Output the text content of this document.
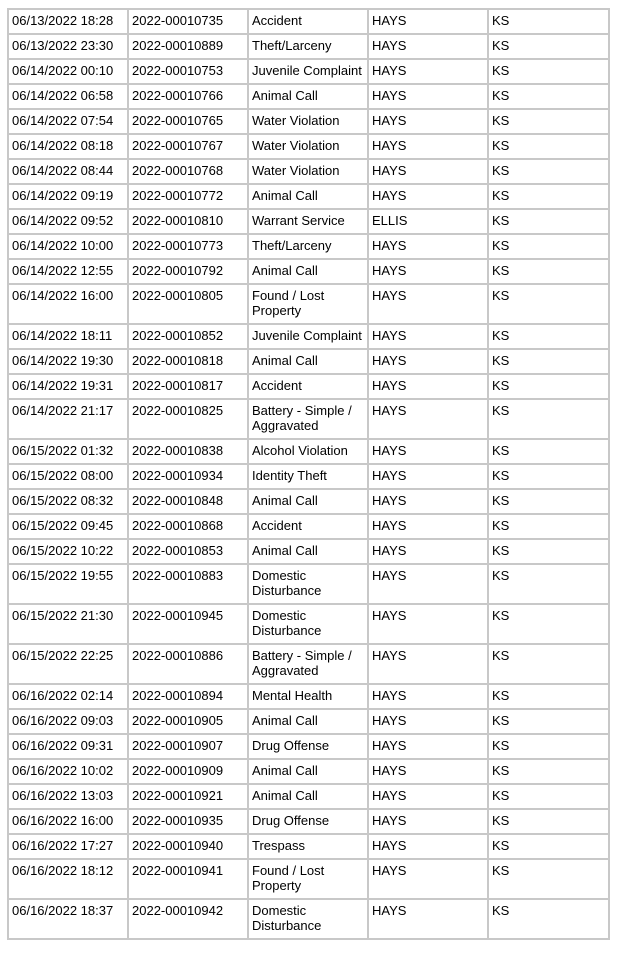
06/13/2022 18:28	2022-00010735	Accident	HAYS	KS
06/13/2022 23:30	2022-00010889	Theft/Larceny	HAYS	KS
06/14/2022 00:10	2022-00010753	Juvenile Complaint	HAYS	KS
06/14/2022 06:58	2022-00010766	Animal Call	HAYS	KS
06/14/2022 07:54	2022-00010765	Water Violation	HAYS	KS
06/14/2022 08:18	2022-00010767	Water Violation	HAYS	KS
06/14/2022 08:44	2022-00010768	Water Violation	HAYS	KS
06/14/2022 09:19	2022-00010772	Animal Call	HAYS	KS
06/14/2022 09:52	2022-00010810	Warrant Service	ELLIS	KS
06/14/2022 10:00	2022-00010773	Theft/Larceny	HAYS	KS
06/14/2022 12:55	2022-00010792	Animal Call	HAYS	KS
06/14/2022 16:00	2022-00010805	Found / Lost Property	HAYS	KS
06/14/2022 18:11	2022-00010852	Juvenile Complaint	HAYS	KS
06/14/2022 19:30	2022-00010818	Animal Call	HAYS	KS
06/14/2022 19:31	2022-00010817	Accident	HAYS	KS
06/14/2022 21:17	2022-00010825	Battery - Simple / Aggravated	HAYS	KS
06/15/2022 01:32	2022-00010838	Alcohol Violation	HAYS	KS
06/15/2022 08:00	2022-00010934	Identity Theft	HAYS	KS
06/15/2022 08:32	2022-00010848	Animal Call	HAYS	KS
06/15/2022 09:45	2022-00010868	Accident	HAYS	KS
06/15/2022 10:22	2022-00010853	Animal Call	HAYS	KS
06/15/2022 19:55	2022-00010883	Domestic Disturbance	HAYS	KS
06/15/2022 21:30	2022-00010945	Domestic Disturbance	HAYS	KS
06/15/2022 22:25	2022-00010886	Battery - Simple / Aggravated	HAYS	KS
06/16/2022 02:14	2022-00010894	Mental Health	HAYS	KS
06/16/2022 09:03	2022-00010905	Animal Call	HAYS	KS
06/16/2022 09:31	2022-00010907	Drug Offense	HAYS	KS
06/16/2022 10:02	2022-00010909	Animal Call	HAYS	KS
06/16/2022 13:03	2022-00010921	Animal Call	HAYS	KS
06/16/2022 16:00	2022-00010935	Drug Offense	HAYS	KS
06/16/2022 17:27	2022-00010940	Trespass	HAYS	KS
06/16/2022 18:12	2022-00010941	Found / Lost Property	HAYS	KS
06/16/2022 18:37	2022-00010942	Domestic Disturbance	HAYS	KS
